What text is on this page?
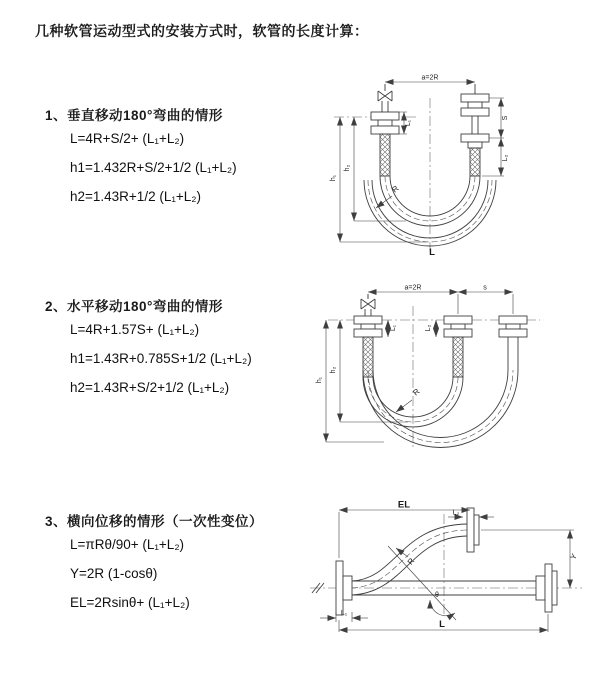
几种软管运动型式的安装方式时，软管的长度计算：
1、垂直移动180°弯曲的情形
L=4R+S/2+ (L₁+L₂)
h1=1.432R+S/2+1/2 (L₁+L₂)
h2=1.43R+1/2 (L₁+L₂)
a=2R
S
L₂
L₁
h₂
h₁
R
L
2、水平移动180°弯曲的情形
L=4R+1.57S+ (L₁+L₂)
h1=1.43R+0.785S+1/2 (L₁+L₂)
h2=1.43R+S/2+1/2 (L₁+L₂)
a=2R	s
h₂
h₁
L₁	L₂
R
3、横向位移的情形（一次性变位）
L=πRθ/90+ (L₁+L₂)
Y=2R (1-cosθ)
EL=2Rsinθ+ (L₁+L₂)	θ
EL
L₂
L₁
Y
R
L
